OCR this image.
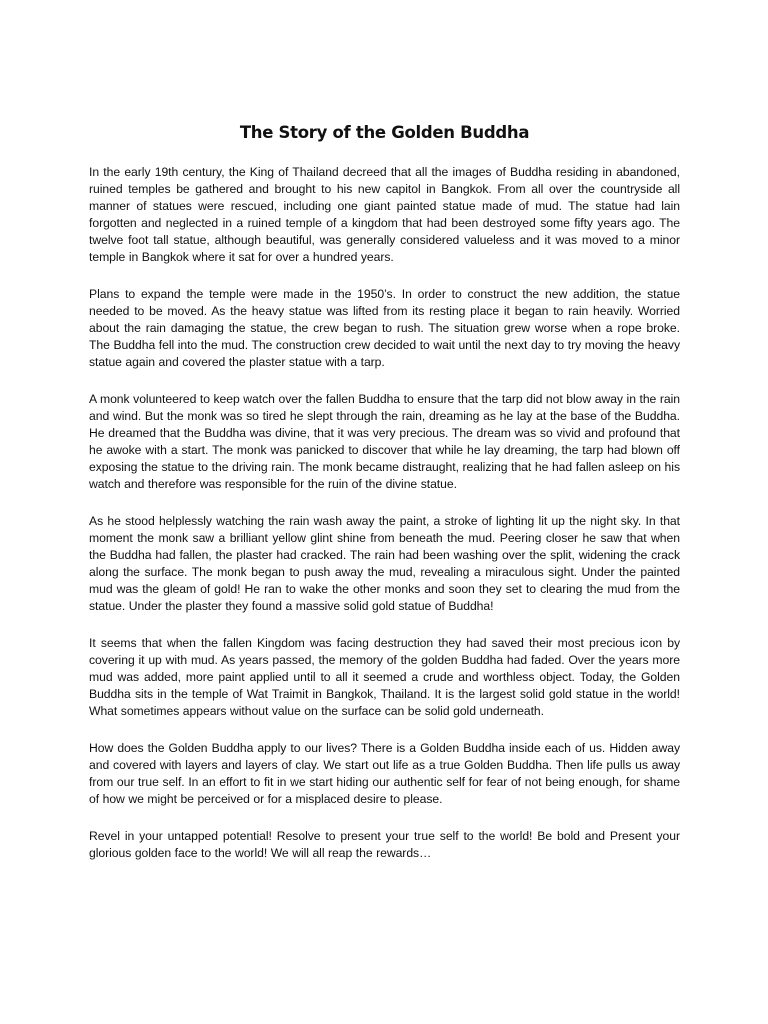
The Story of the Golden Buddha

In the early 19th century, the King of Thailand decreed that all the images of Buddha residing in abandoned, ruined temples be gathered and brought to his new capitol in Bangkok. From all over the countryside all manner of statues were rescued, including one giant painted statue made of mud. The statue had lain forgotten and neglected in a ruined temple of a kingdom that had been destroyed some fifty years ago. The twelve foot tall statue, although beautiful, was generally considered valueless and it was moved to a minor temple in Bangkok where it sat for over a hundred years.

Plans to expand the temple were made in the 1950’s. In order to construct the new addition, the statue needed to be moved. As the heavy statue was lifted from its resting place it began to rain heavily. Worried about the rain damaging the statue, the crew began to rush. The situation grew worse when a rope broke. The Buddha fell into the mud. The construction crew decided to wait until the next day to try moving the heavy statue again and covered the plaster statue with a tarp.

A monk volunteered to keep watch over the fallen Buddha to ensure that the tarp did not blow away in the rain and wind. But the monk was so tired he slept through the rain, dreaming as he lay at the base of the Buddha. He dreamed that the Buddha was divine, that it was very precious. The dream was so vivid and profound that he awoke with a start. The monk was panicked to discover that while he lay dreaming, the tarp had blown off exposing the statue to the driving rain. The monk became distraught, realizing that he had fallen asleep on his watch and therefore was responsible for the ruin of the divine statue.

As he stood helplessly watching the rain wash away the paint, a stroke of lighting lit up the night sky. In that moment the monk saw a brilliant yellow glint shine from beneath the mud. Peering closer he saw that when the Buddha had fallen, the plaster had cracked. The rain had been washing over the split, widening the crack along the surface. The monk began to push away the mud, revealing a miraculous sight. Under the painted mud was the gleam of gold! He ran to wake the other monks and soon they set to clearing the mud from the statue. Under the plaster they found a massive solid gold statue of Buddha!

It seems that when the fallen Kingdom was facing destruction they had saved their most precious icon by covering it up with mud. As years passed, the memory of the golden Buddha had faded. Over the years more mud was added, more paint applied until to all it seemed a crude and worthless object. Today, the Golden Buddha sits in the temple of Wat Traimit in Bangkok, Thailand. It is the largest solid gold statue in the world! What sometimes appears without value on the surface can be solid gold underneath.

How does the Golden Buddha apply to our lives? There is a Golden Buddha inside each of us. Hidden away and covered with layers and layers of clay. We start out life as a true Golden Buddha. Then life pulls us away from our true self. In an effort to fit in we start hiding our authentic self for fear of not being enough, for shame of how we might be perceived or for a misplaced desire to please.

Revel in your untapped potential! Resolve to present your true self to the world! Be bold and Present your glorious golden face to the world! We will all reap the rewards…
